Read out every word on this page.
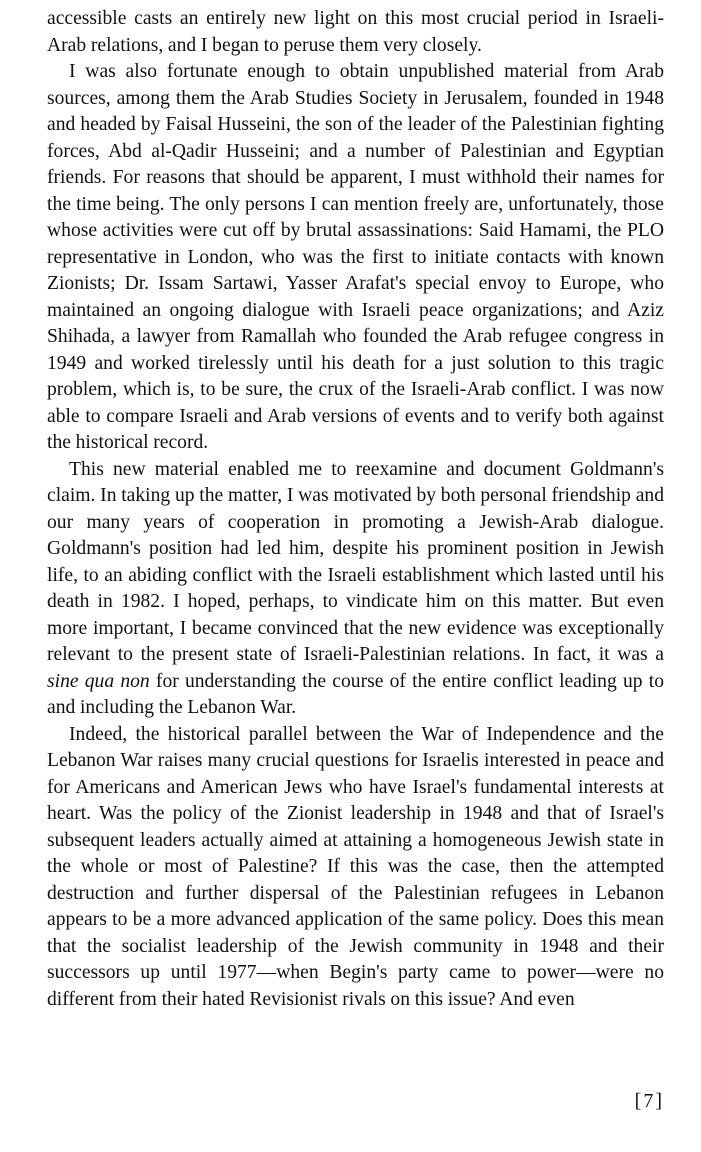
accessible casts an entirely new light on this most crucial period in Israeli-Arab relations, and I began to peruse them very closely.

I was also fortunate enough to obtain unpublished material from Arab sources, among them the Arab Studies Society in Jerusalem, founded in 1948 and headed by Faisal Husseini, the son of the leader of the Palestinian fighting forces, Abd al-Qadir Husseini; and a number of Palestinian and Egyptian friends. For reasons that should be apparent, I must withhold their names for the time being. The only persons I can mention freely are, unfortunately, those whose activities were cut off by brutal assassinations: Said Hamami, the PLO representative in London, who was the first to initiate contacts with known Zionists; Dr. Issam Sartawi, Yasser Arafat's special envoy to Europe, who maintained an ongoing dialogue with Israeli peace organizations; and Aziz Shihada, a lawyer from Ramallah who founded the Arab refugee congress in 1949 and worked tirelessly until his death for a just solution to this tragic problem, which is, to be sure, the crux of the Israeli-Arab conflict. I was now able to compare Israeli and Arab versions of events and to verify both against the historical record.

This new material enabled me to reexamine and document Goldmann's claim. In taking up the matter, I was motivated by both personal friendship and our many years of cooperation in promoting a Jewish-Arab dialogue. Goldmann's position had led him, despite his prominent position in Jewish life, to an abiding conflict with the Israeli establishment which lasted until his death in 1982. I hoped, perhaps, to vindicate him on this matter. But even more important, I became convinced that the new evidence was exceptionally relevant to the present state of Israeli-Palestinian relations. In fact, it was a sine qua non for understanding the course of the entire conflict leading up to and including the Lebanon War.

Indeed, the historical parallel between the War of Independence and the Lebanon War raises many crucial questions for Israelis interested in peace and for Americans and American Jews who have Israel's fundamental interests at heart. Was the policy of the Zionist leadership in 1948 and that of Israel's subsequent leaders actually aimed at attaining a homogeneous Jewish state in the whole or most of Palestine? If this was the case, then the attempted destruction and further dispersal of the Palestinian refugees in Lebanon appears to be a more advanced application of the same policy. Does this mean that the socialist leadership of the Jewish community in 1948 and their successors up until 1977—when Begin's party came to power—were no different from their hated Revisionist rivals on this issue? And even

[7]
